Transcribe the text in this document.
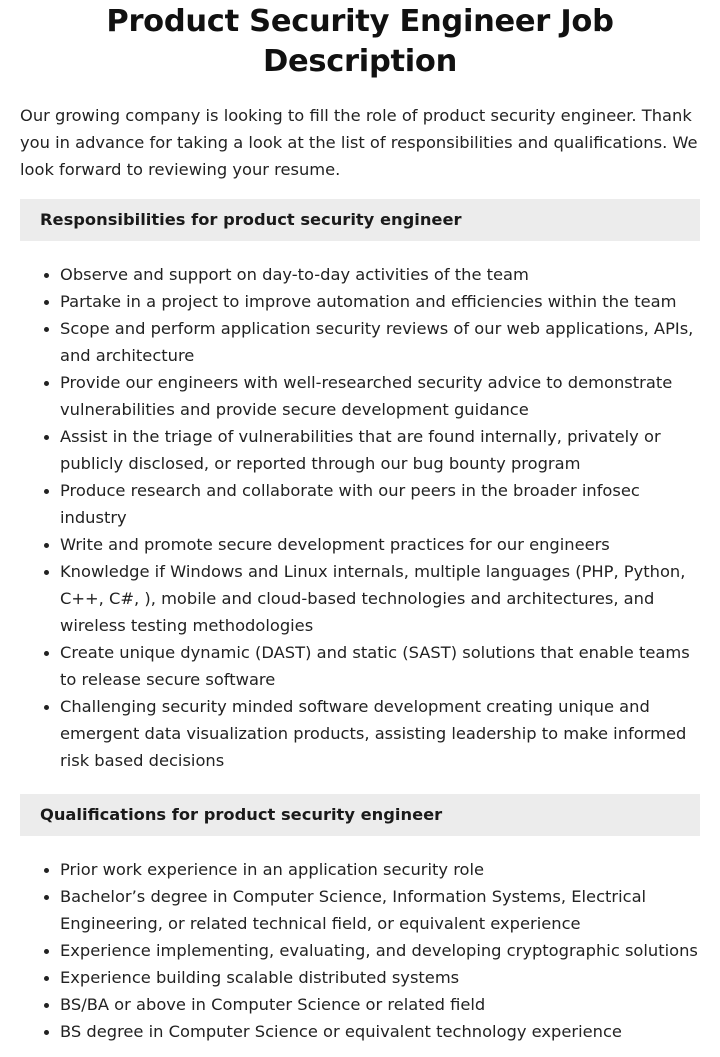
Product Security Engineer Job Description

Our growing company is looking to fill the role of product security engineer. Thank you in advance for taking a look at the list of responsibilities and qualifications. We look forward to reviewing your resume.

Responsibilities for product security engineer
Observe and support on day-to-day activities of the team
Partake in a project to improve automation and efficiencies within the team
Scope and perform application security reviews of our web applications, APIs, and architecture
Provide our engineers with well-researched security advice to demonstrate vulnerabilities and provide secure development guidance
Assist in the triage of vulnerabilities that are found internally, privately or publicly disclosed, or reported through our bug bounty program
Produce research and collaborate with our peers in the broader infosec industry
Write and promote secure development practices for our engineers
Knowledge if Windows and Linux internals, multiple languages (PHP, Python, C++, C#, ), mobile and cloud-based technologies and architectures, and wireless testing methodologies
Create unique dynamic (DAST) and static (SAST) solutions that enable teams to release secure software
Challenging security minded software development creating unique and emergent data visualization products, assisting leadership to make informed risk based decisions
Qualifications for product security engineer
Prior work experience in an application security role
Bachelor’s degree in Computer Science, Information Systems, Electrical Engineering, or related technical field, or equivalent experience
Experience implementing, evaluating, and developing cryptographic solutions
Experience building scalable distributed systems
BS/BA or above in Computer Science or related field
BS degree in Computer Science or equivalent technology experience
